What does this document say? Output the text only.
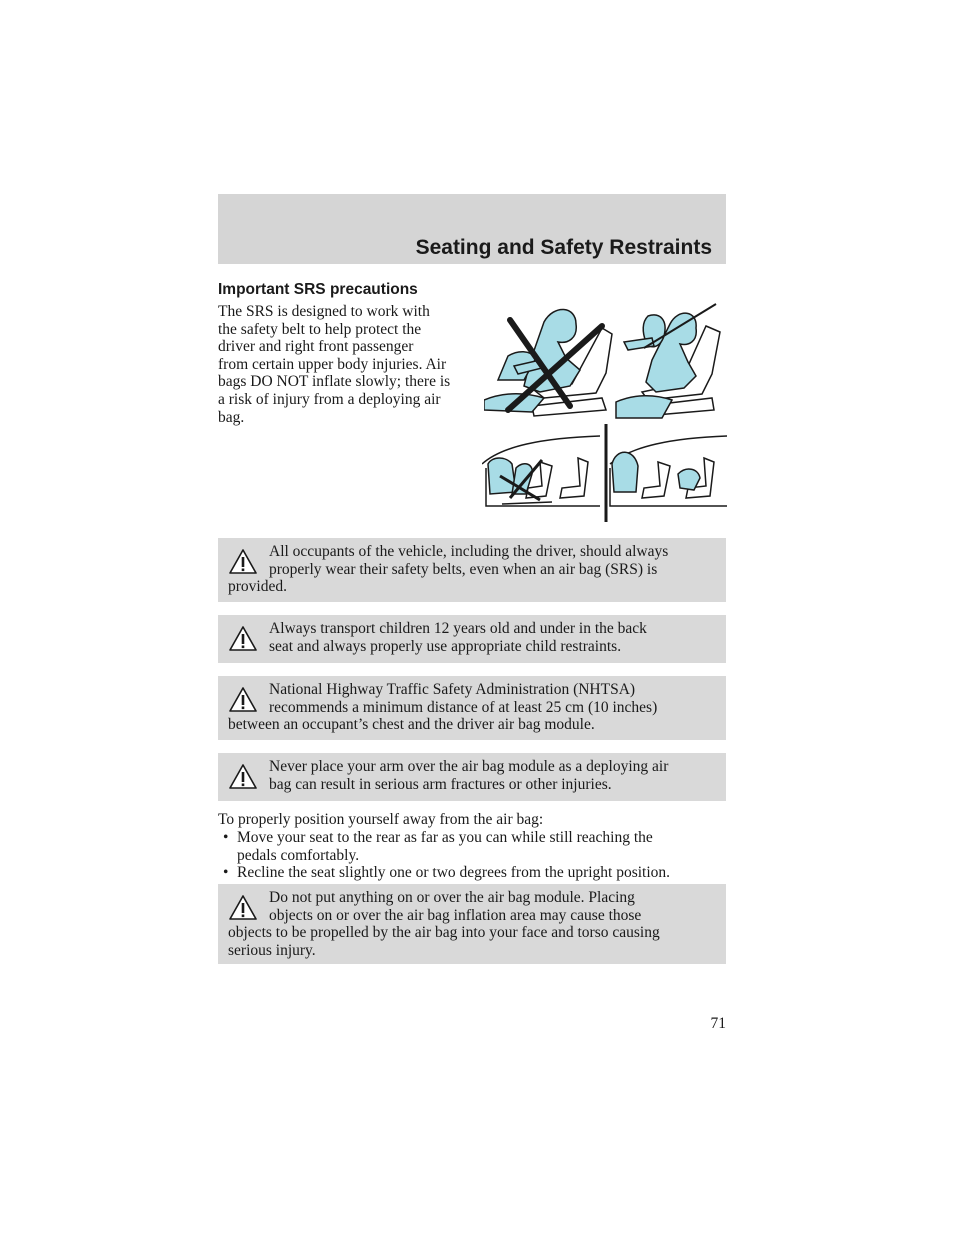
Seating and Safety Restraints
Important SRS precautions
The SRS is designed to work with
the safety belt to help protect the
driver and right front passenger
from certain upper body injuries. Air
bags DO NOT inflate slowly; there is
a risk of injury from a deploying air
bag.
All occupants of the vehicle, including the driver, should always
properly wear their safety belts, even when an air bag (SRS) is
provided.
Always transport children 12 years old and under in the back
seat and always properly use appropriate child restraints.
National Highway Traffic Safety Administration (NHTSA)
recommends a minimum distance of at least 25 cm (10 inches)
between an occupant’s chest and the driver air bag module.
Never place your arm over the air bag module as a deploying air
bag can result in serious arm fractures or other injuries.
To properly position yourself away from the air bag:
• Move your seat to the rear as far as you can while still reaching the
pedals comfortably.
• Recline the seat slightly one or two degrees from the upright position.
Do not put anything on or over the air bag module. Placing
objects on or over the air bag inflation area may cause those
objects to be propelled by the air bag into your face and torso causing
serious injury.
71
